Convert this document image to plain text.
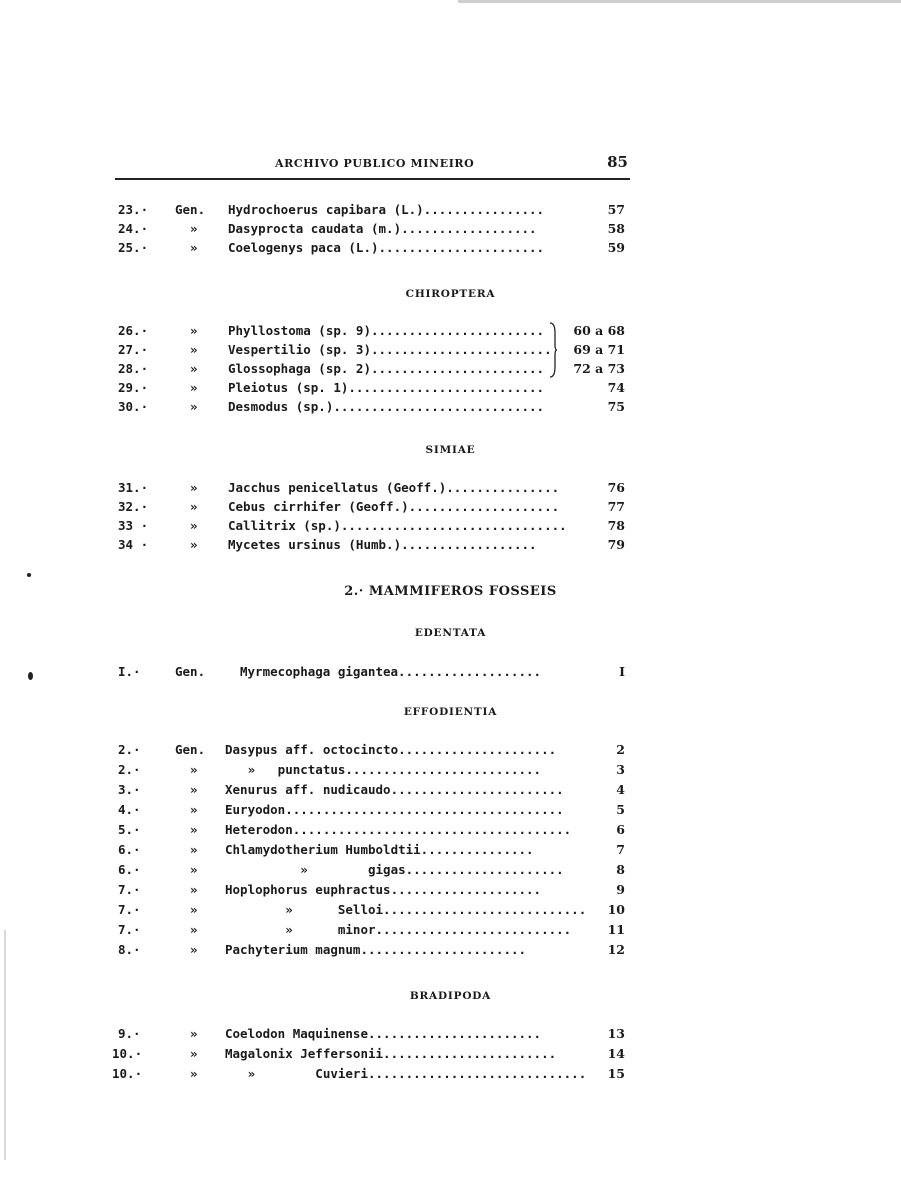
ARCHIVO PUBLICO MINEIRO	85
23.· Gen. Hydrochoerus capibara (L.)................	57
24.·	» Dasyprocta caudata (m.)..................	58
25.·	» Coelogenys paca (L.)......................	59
CHIROPTERA
26.·	» Phyllostoma (sp. 9)....................... 60 a 68
27.·	» Vespertilio (sp. 3)........................ 69 a 71
28.·	» Glossophaga (sp. 2)....................... 72 a 73
29.·	» Pleiotus (sp. 1)..........................	74
30.·	» Desmodus (sp.)............................	75
SIMIAE
31.·	» Jacchus penicellatus (Geoff.)...............	76
32.·	» Cebus cirrhifer (Geoff.)....................	77
33 ·	» Callitrix (sp.)..............................	78
34 ·	» Mycetes ursinus (Humb.)..................	79
2.· MAMMIFEROS FOSSEIS
EDENTATA
I.·	Gen.	Myrmecophaga gigantea...................	I
EFFODIENTIA
2.·	Gen. Dasypus aff. octocincto.....................	2
2.·	» »   punctatus..........................	3
3.·	» Xenurus aff. nudicaudo.......................	4
4.·	» Euryodon.....................................	5
5.·	» Heterodon.....................................	6
6.·	» Chlamydotherium Humboldtii...............	7
6.·	» »        gigas.....................	8
7.·	» Hoplophorus euphractus....................	9
7.·	» »      Selloi........................... 10
7.·	» »      minor..........................	11
8.·	» Pachyterium magnum......................	12
BRADIPODA
9.·	» Coelodon Maquinense.......................	13
10.·	» Magalonix Jeffersonii.......................	14
10.·	» »        Cuvieri............................. 15
